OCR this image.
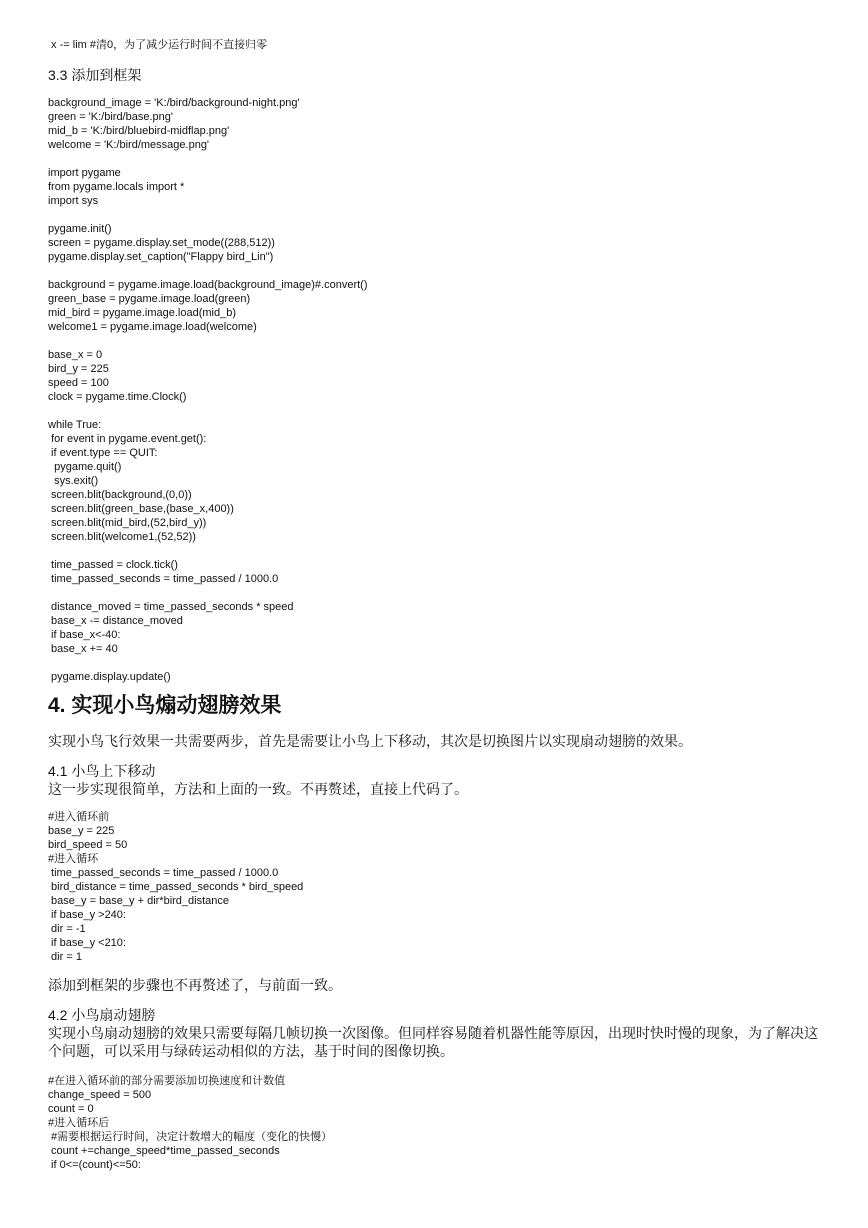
x -= lim #清0，为了减少运行时间不直接归零
3.3 添加到框架
background_image = 'K:/bird/background-night.png'
green = 'K:/bird/base.png'
mid_b = 'K:/bird/bluebird-midflap.png'
welcome = 'K:/bird/message.png'
import pygame
from pygame.locals import *
import sys
pygame.init()
screen = pygame.display.set_mode((288,512))
pygame.display.set_caption("Flappy bird_Lin")
background = pygame.image.load(background_image)#.convert()
green_base = pygame.image.load(green)
mid_bird = pygame.image.load(mid_b)
welcome1 = pygame.image.load(welcome)
base_x = 0
bird_y = 225
speed = 100
clock = pygame.time.Clock()
while True:
for event in pygame.event.get():
if event.type == QUIT:
pygame.quit()
sys.exit()
screen.blit(background,(0,0))
screen.blit(green_base,(base_x,400))
screen.blit(mid_bird,(52,bird_y))
screen.blit(welcome1,(52,52))
time_passed = clock.tick()
time_passed_seconds = time_passed / 1000.0
distance_moved = time_passed_seconds * speed
base_x -= distance_moved
if base_x<-40:
base_x += 40
pygame.display.update()
4. 实现小鸟煽动翅膀效果
实现小鸟飞行效果一共需要两步，首先是需要让小鸟上下移动，其次是切换图片以实现扇动翅膀的效果。
4.1 小鸟上下移动
这一步实现很简单，方法和上面的一致。不再赘述，直接上代码了。
#进入循环前
base_y = 225
bird_speed = 50
#进入循环
time_passed_seconds = time_passed / 1000.0
bird_distance = time_passed_seconds * bird_speed
base_y = base_y + dir*bird_distance
if base_y >240:
dir = -1
if base_y <210:
dir = 1
添加到框架的步骤也不再赘述了，与前面一致。
4.2 小鸟扇动翅膀
实现小鸟扇动翅膀的效果只需要每隔几帧切换一次图像。但同样容易随着机器性能等原因，出现时快时慢的现象，为了解决这
个问题，可以采用与绿砖运动相似的方法，基于时间的图像切换。
#在进入循环前的部分需要添加切换速度和计数值
change_speed = 500
count = 0
#进入循环后
#需要根据运行时间，决定计数增大的幅度（变化的快慢）
count +=change_speed*time_passed_seconds
if 0<=(count)<=50:
